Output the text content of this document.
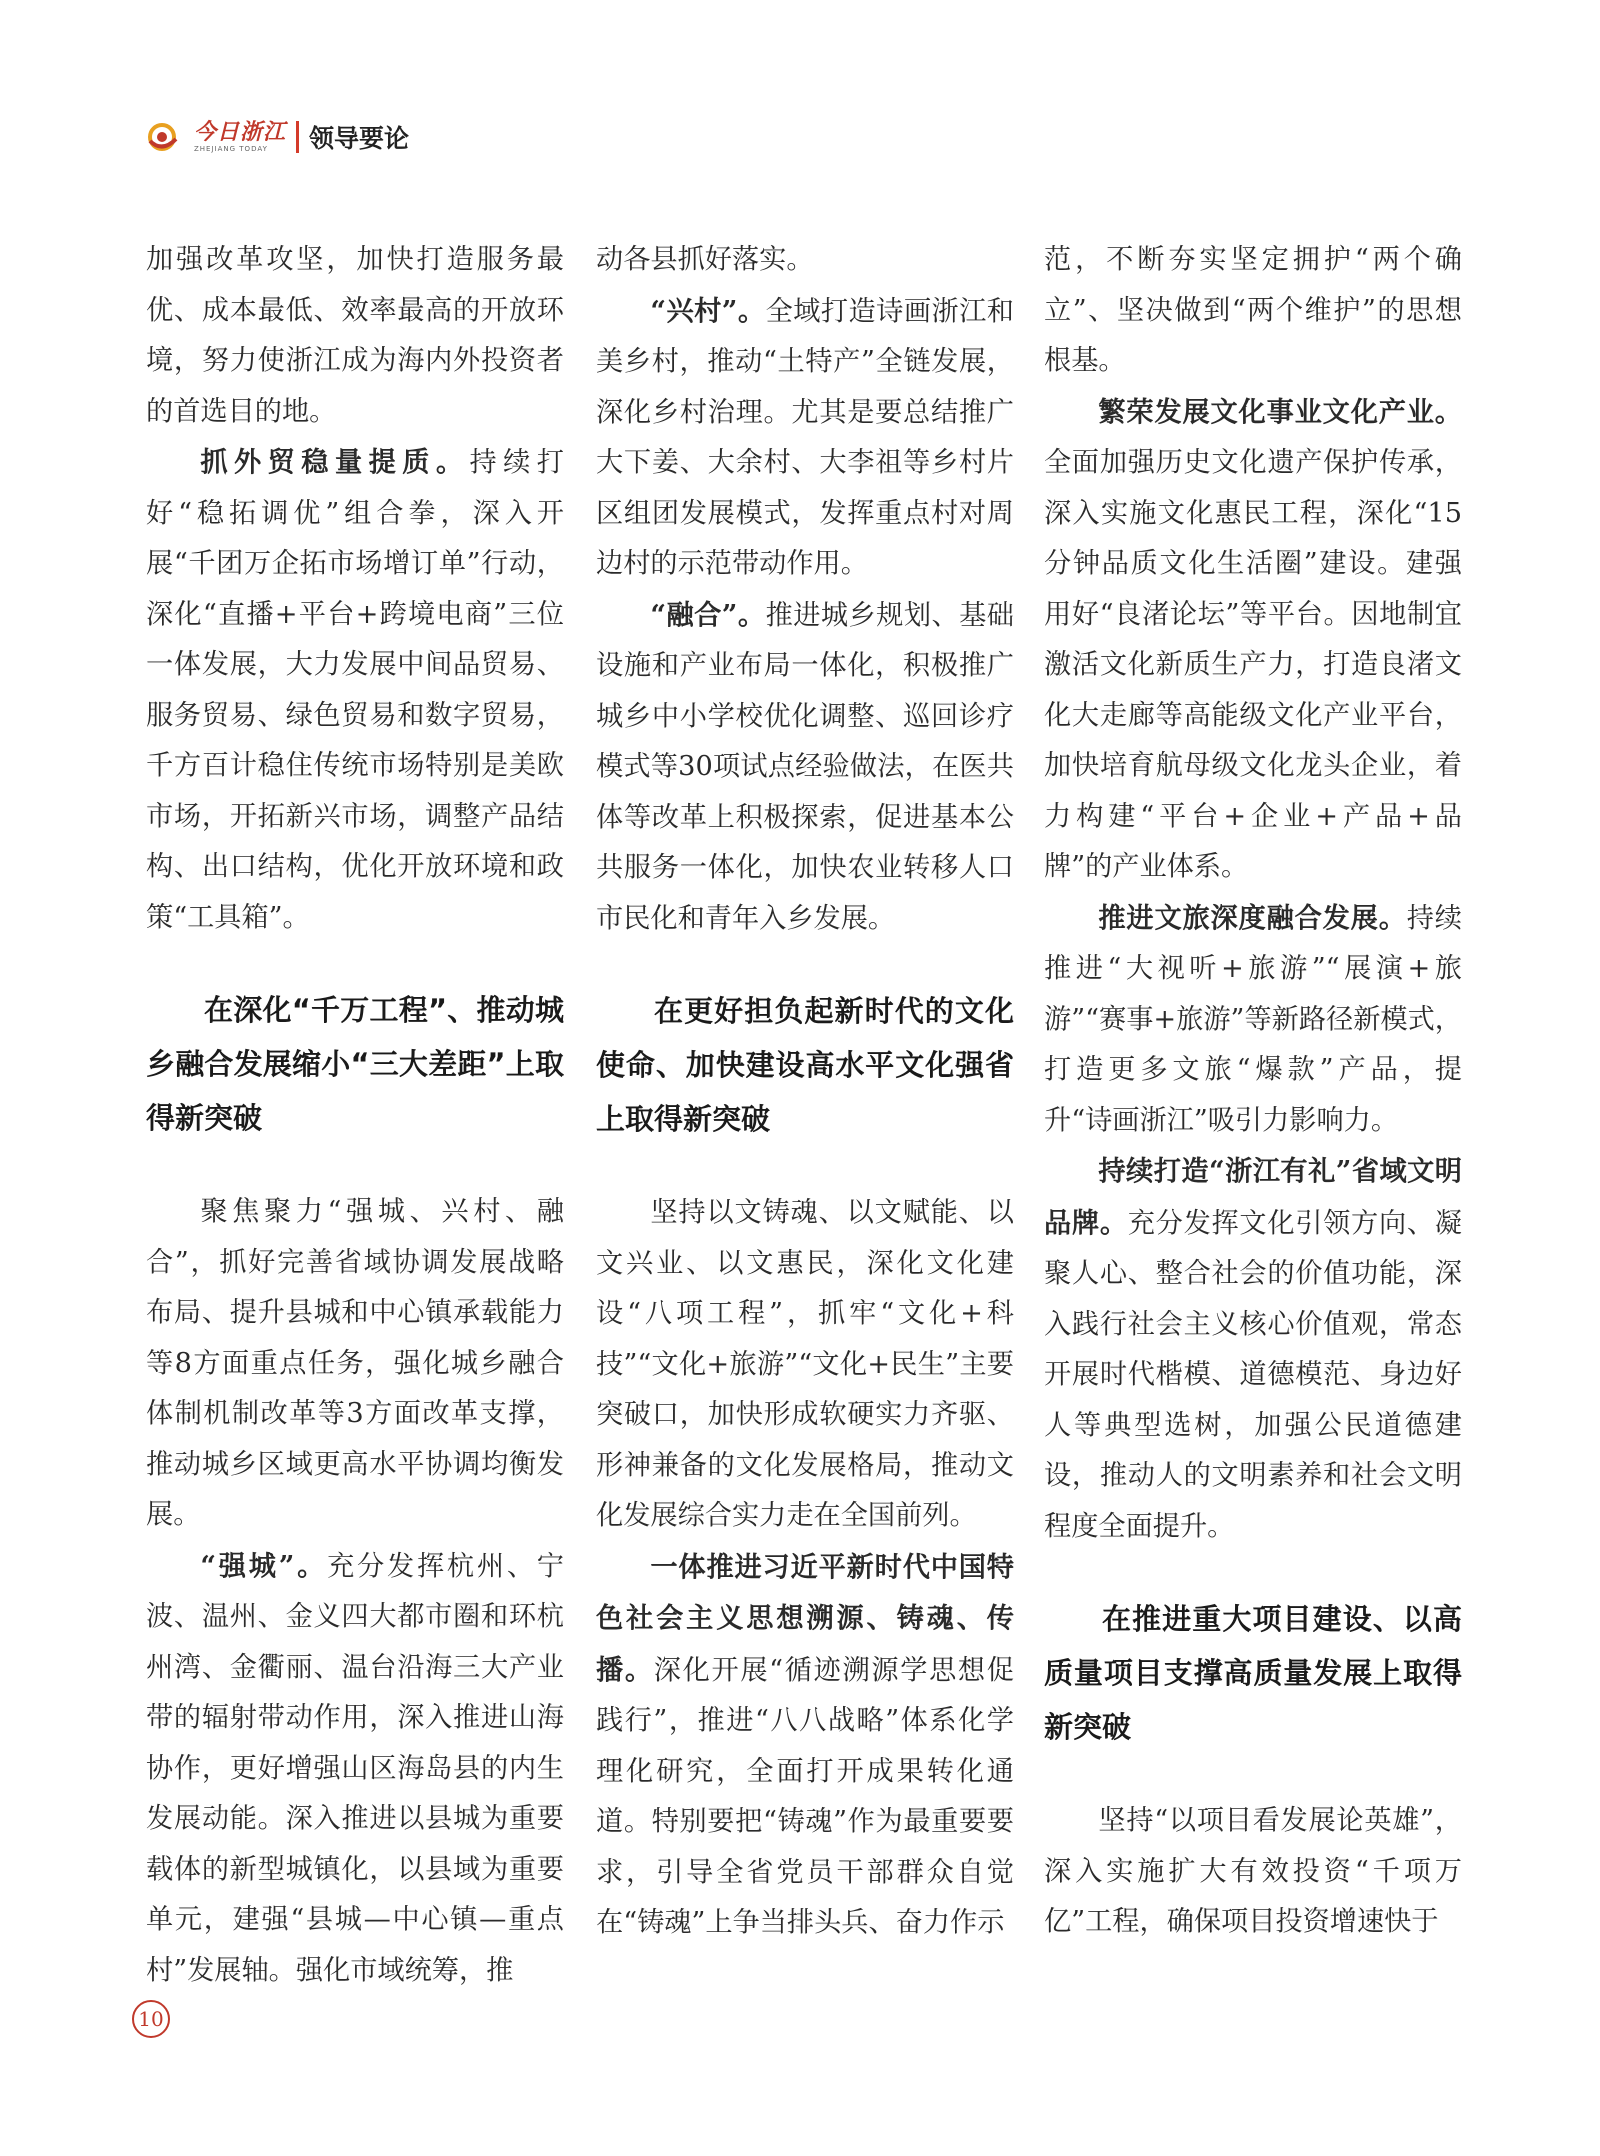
今日浙江
ZHEJIANG TODAY	领导要论

加强改革攻坚，加快打造服务最优、成本最低、效率最高的开放环境，努力使浙江成为海内外投资者的首选目的地。

抓外贸稳量提质。持续打好“稳拓调优”组合拳，深入开展“千团万企拓市场增订单”行动，深化“直播+平台+跨境电商”三位一体发展，大力发展中间品贸易、服务贸易、绿色贸易和数字贸易，千方百计稳住传统市场特别是美欧市场，开拓新兴市场，调整产品结构、出口结构，优化开放环境和政策“工具箱”。

在深化“千万工程”、推动城乡融合发展缩小“三大差距”上取得新突破

聚焦聚力“强城、兴村、融合”，抓好完善省域协调发展战略布局、提升县城和中心镇承载能力等8方面重点任务，强化城乡融合体制机制改革等3方面改革支撑，推动城乡区域更高水平协调均衡发展。

“强城”。充分发挥杭州、宁波、温州、金义四大都市圈和环杭州湾、金衢丽、温台沿海三大产业带的辐射带动作用，深入推进山海协作，更好增强山区海岛县的内生发展动能。深入推进以县城为重要载体的新型城镇化，以县域为重要单元，建强“县城—中心镇—重点村”发展轴。强化市域统筹，推

动各县抓好落实。

“兴村”。全域打造诗画浙江和美乡村，推动“土特产”全链发展，深化乡村治理。尤其是要总结推广大下姜、大余村、大李祖等乡村片区组团发展模式，发挥重点村对周边村的示范带动作用。

“融合”。推进城乡规划、基础设施和产业布局一体化，积极推广城乡中小学校优化调整、巡回诊疗模式等30项试点经验做法，在医共体等改革上积极探索，促进基本公共服务一体化，加快农业转移人口市民化和青年入乡发展。

在更好担负起新时代的文化使命、加快建设高水平文化强省上取得新突破

坚持以文铸魂、以文赋能、以文兴业、以文惠民，深化文化建设“八项工程”，抓牢“文化+科技”“文化+旅游”“文化+民生”主要突破口，加快形成软硬实力齐驱、形神兼备的文化发展格局，推动文化发展综合实力走在全国前列。

一体推进习近平新时代中国特色社会主义思想溯源、铸魂、传播。深化开展“循迹溯源学思想促践行”，推进“八八战略”体系化学理化研究，全面打开成果转化通道。特别要把“铸魂”作为最重要要求，引导全省党员干部群众自觉在“铸魂”上争当排头兵、奋力作示

范，不断夯实坚定拥护“两个确立”、坚决做到“两个维护”的思想根基。

繁荣发展文化事业文化产业。全面加强历史文化遗产保护传承，深入实施文化惠民工程，深化“15分钟品质文化生活圈”建设。建强用好“良渚论坛”等平台。因地制宜激活文化新质生产力，打造良渚文化大走廊等高能级文化产业平台，加快培育航母级文化龙头企业，着力构建“平台+企业+产品+品牌”的产业体系。

推进文旅深度融合发展。持续推进“大视听+旅游”“展演+旅游”“赛事+旅游”等新路径新模式，打造更多文旅“爆款”产品，提升“诗画浙江”吸引力影响力。

持续打造“浙江有礼”省域文明品牌。充分发挥文化引领方向、凝聚人心、整合社会的价值功能，深入践行社会主义核心价值观，常态开展时代楷模、道德模范、身边好人等典型选树，加强公民道德建设，推动人的文明素养和社会文明程度全面提升。

在推进重大项目建设、以高质量项目支撑高质量发展上取得新突破

坚持“以项目看发展论英雄”，深入实施扩大有效投资“千项万亿”工程，确保项目投资增速快于

10
